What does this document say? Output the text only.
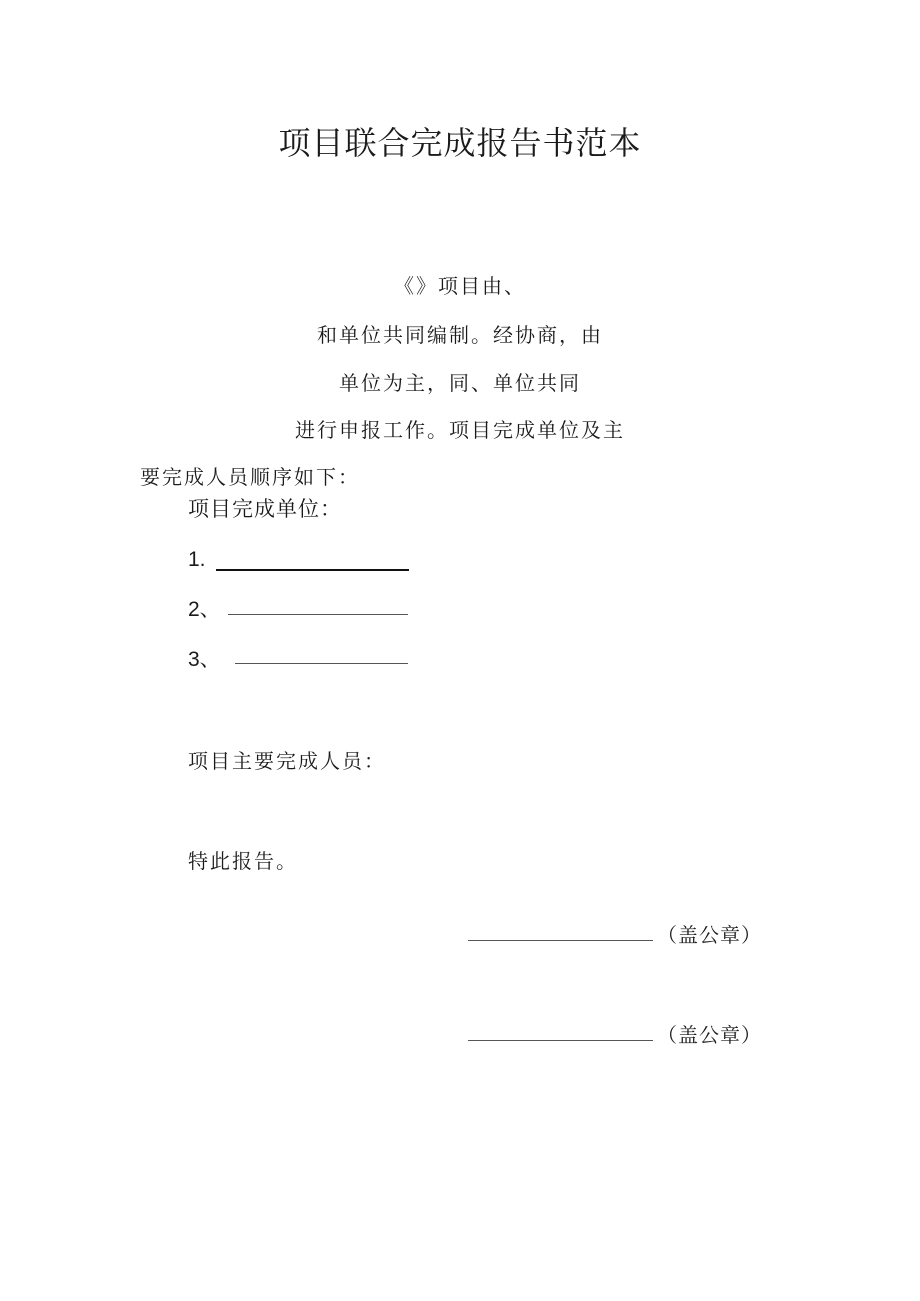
项目联合完成报告书范本
《》项目由、
和单位共同编制。经协商，由
单位为主，同、单位共同
进行申报工作。项目完成单位及主
要完成人员顺序如下：
项目完成单位：
1.
2、
3、
项目主要完成人员：
特此报告。
（盖公章）
（盖公章）
